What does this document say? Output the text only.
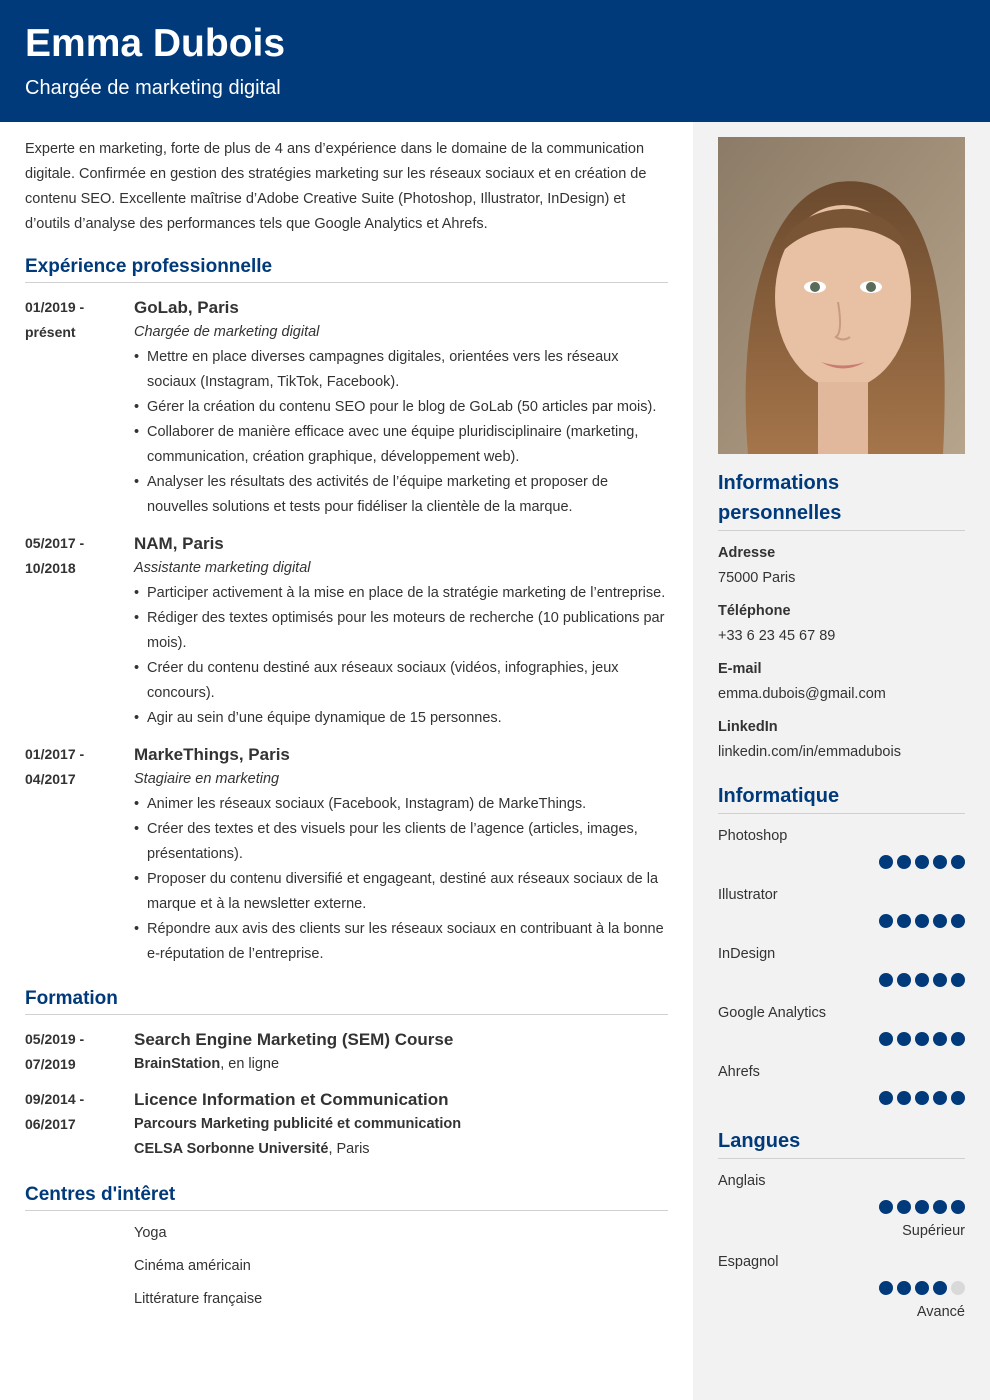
Emma Dubois
Chargée de marketing digital
Experte en marketing, forte de plus de 4 ans d’expérience dans le domaine de la communication digitale. Confirmée en gestion des stratégies marketing sur les réseaux sociaux et en création de contenu SEO. Excellente maîtrise d’Adobe Creative Suite (Photoshop, Illustrator, InDesign) et d’outils d’analyse des performances tels que Google Analytics et Ahrefs.
Expérience professionnelle
01/2019 -
présent
GoLab, Paris
Chargée de marketing digital
• Mettre en place diverses campagnes digitales, orientées vers les réseaux sociaux (Instagram, TikTok, Facebook).
• Gérer la création du contenu SEO pour le blog de GoLab (50 articles par mois).
• Collaborer de manière efficace avec une équipe pluridisciplinaire (marketing, communication, création graphique, développement web).
• Analyser les résultats des activités de l’équipe marketing et proposer de nouvelles solutions et tests pour fidéliser la clientèle de la marque.
05/2017 -
10/2018
NAM, Paris
Assistante marketing digital
• Participer activement à la mise en place de la stratégie marketing de l’entreprise.
• Rédiger des textes optimisés pour les moteurs de recherche (10 publications par mois).
• Créer du contenu destiné aux réseaux sociaux (vidéos, infographies, jeux concours).
• Agir au sein d’une équipe dynamique de 15 personnes.
01/2017 -
04/2017
MarkeThings, Paris
Stagiaire en marketing
• Animer les réseaux sociaux (Facebook, Instagram) de MarkeThings.
• Créer des textes et des visuels pour les clients de l’agence (articles, images, présentations).
• Proposer du contenu diversifié et engageant, destiné aux réseaux sociaux de la marque et à la newsletter externe.
• Répondre aux avis des clients sur les réseaux sociaux en contribuant à la bonne e-réputation de l’entreprise.
Formation
05/2019 -
07/2019
Search Engine Marketing (SEM) Course
BrainStation, en ligne
09/2014 -
06/2017
Licence Information et Communication
Parcours Marketing publicité et communication
CELSA Sorbonne Université, Paris
Centres d'intêret
Yoga
Cinéma américain
Littérature française
Informations personnelles
Adresse
75000 Paris
Téléphone
+33 6 23 45 67 89
E-mail
emma.dubois@gmail.com
LinkedIn
linkedin.com/in/emmadubois
Informatique
Photoshop
Illustrator
InDesign
Google Analytics
Ahrefs
Langues
Anglais
Supérieur
Espagnol
Avancé
